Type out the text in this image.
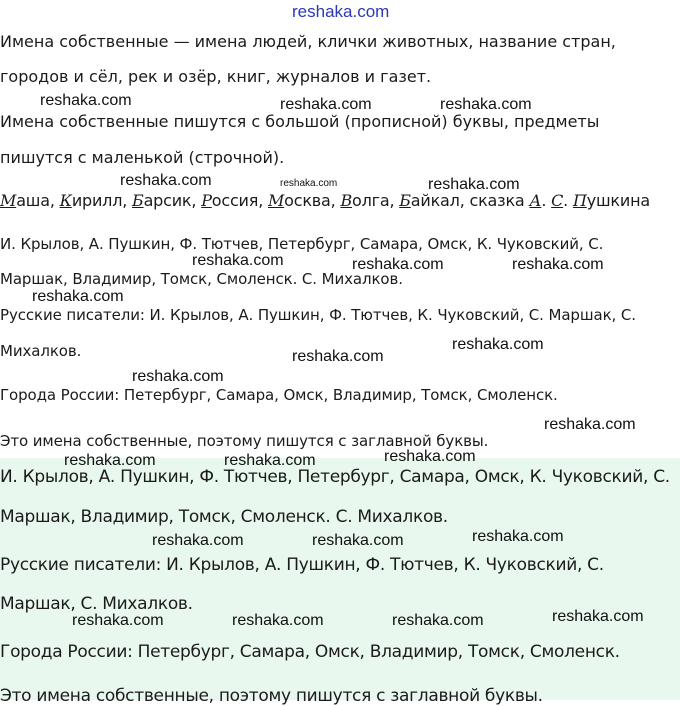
reshaka.com

Имена собственные — имена людей, клички животных, название стран,

городов и сёл, рек и озёр, книг, журналов и газет.

Имена собственные пишутся с большой (прописной) буквы, предметы

пишутся с маленькой (строчной).

Маша, Кирилл, Барсик, Россия, Москва, Волга, Байкал, сказка А. С. Пушкина

И. Крылов, А. Пушкин, Ф. Тютчев, Петербург, Самара, Омск, К. Чуковский, С.

Маршак, Владимир, Томск, Смоленск. С. Михалков.

Русские писатели: И. Крылов, А. Пушкин, Ф. Тютчев, К. Чуковский, С. Маршак, С.

Михалков.

Города России: Петербург, Самара, Омск, Владимир, Томск, Смоленск.

Это имена собственные, поэтому пишутся с заглавной буквы.

И. Крылов, А. Пушкин, Ф. Тютчев, Петербург, Самара, Омск, К. Чуковский, С.

Маршак, Владимир, Томск, Смоленск. С. Михалков.

Русские писатели: И. Крылов, А. Пушкин, Ф. Тютчев, К. Чуковский, С.

Маршак, С. Михалков.

Города России: Петербург, Самара, Омск, Владимир, Томск, Смоленск.

Это имена собственные, поэтому пишутся с заглавной буквы.

reshaka.com	reshaka.com	reshaka.com
reshaka.com	reshaka.com	reshaka.com
reshaka.com	reshaka.com	reshaka.com
reshaka.com
reshaka.com
reshaka.com
reshaka.com
reshaka.com
reshaka.com
reshaka.com	reshaka.com
reshaka.com
reshaka.com	reshaka.com
reshaka.com
reshaka.com	reshaka.com	reshaka.com
